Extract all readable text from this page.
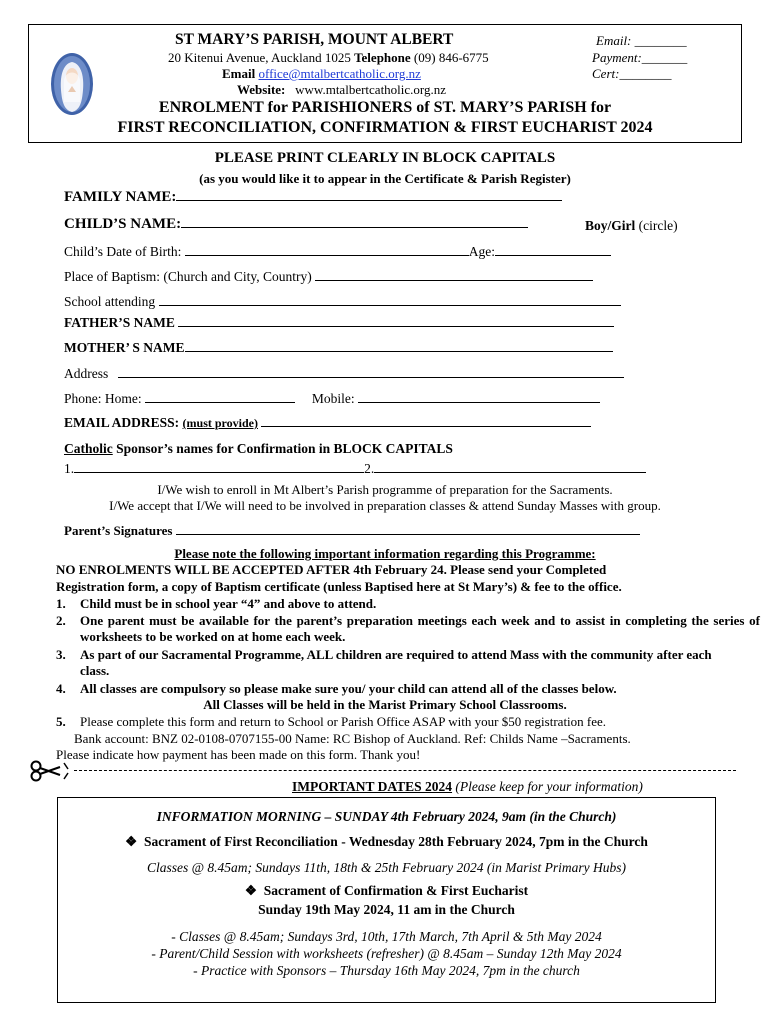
ST MARY’S PARISH, MOUNT ALBERT
20 Kitenui Avenue, Auckland 1025 Telephone (09) 846-6775
Email office@mtalbertcatholic.org.nz
Website: www.mtalbertcatholic.org.nz
Email: ________
Payment:_______
Cert:________
ENROLMENT for PARISHIONERS of ST. MARY’S PARISH for
FIRST RECONCILIATION, CONFIRMATION & FIRST EUCHARIST 2024
PLEASE PRINT CLEARLY IN BLOCK CAPITALS
(as you would like it to appear in the Certificate & Parish Register)
FAMILY NAME:
CHILD’S NAME:	Boy/Girl (circle)
Child’s Date of Birth:	Age:
Place of Baptism: (Church and City, Country)
School attending
FATHER’S NAME
MOTHER’ S NAME
Address
Phone: Home:	Mobile:
EMAIL ADDRESS: (must provide)
Catholic Sponsor’s names for Confirmation in BLOCK CAPITALS
1.	2.
I/We wish to enroll in Mt Albert’s Parish programme of preparation for the Sacraments.
I/We accept that I/We will need to be involved in preparation classes & attend Sunday Masses with group.
Parent’s Signatures
Please note the following important information regarding this Programme:
NO ENROLMENTS WILL BE ACCEPTED AFTER 4th February 24. Please send your Completed
Registration form, a copy of Baptism certificate (unless Baptised here at St Mary’s) & fee to the office.
1. Child must be in school year “4” and above to attend.
2. One parent must be available for the parent’s preparation meetings each week and to assist in completing the series of worksheets to be worked on at home each week.
3. As part of our Sacramental Programme, ALL children are required to attend Mass with the community after each class.
4. All classes are compulsory so please make sure you/ your child can attend all of the classes below.
All Classes will be held in the Marist Primary School Classrooms.
5. Please complete this form and return to School or Parish Office ASAP with your $50 registration fee.
Bank account: BNZ 02-0108-0707155-00 Name: RC Bishop of Auckland. Ref: Childs Name –Sacraments.
Please indicate how payment has been made on this form. Thank you!
IMPORTANT DATES 2024 (Please keep for your information)
INFORMATION MORNING – SUNDAY 4th February 2024, 9am (in the Church)
❖  Sacrament of First Reconciliation - Wednesday 28th February 2024, 7pm in the Church
Classes @ 8.45am; Sundays 11th, 18th & 25th February 2024 (in Marist Primary Hubs)
❖  Sacrament of Confirmation & First Eucharist
Sunday 19th May 2024, 11 am in the Church
- Classes @ 8.45am; Sundays 3rd, 10th, 17th March, 7th April & 5th May 2024
- Parent/Child Session with worksheets (refresher) @ 8.45am – Sunday 12th May 2024
- Practice with Sponsors – Thursday 16th May 2024, 7pm in the church
